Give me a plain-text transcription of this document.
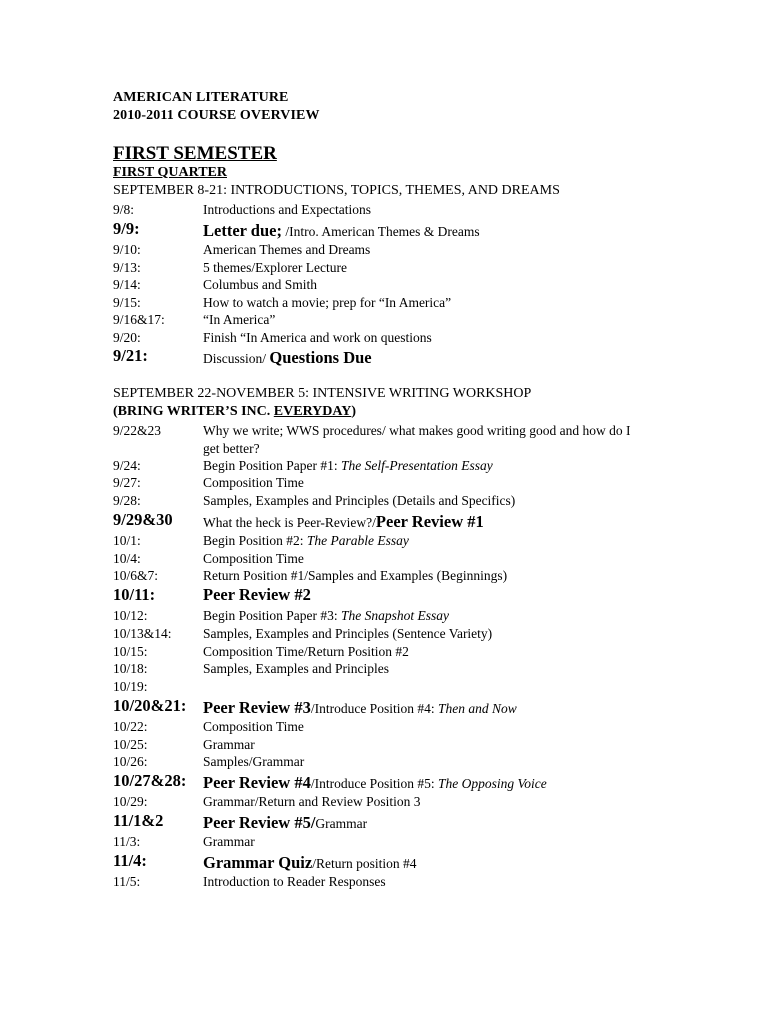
AMERICAN LITERATURE
2010-2011 COURSE OVERVIEW
FIRST SEMESTER
FIRST QUARTER
SEPTEMBER 8-21: INTRODUCTIONS, TOPICS, THEMES, AND DREAMS
9/8:	Introductions and Expectations
9/9:	Letter due; /Intro. American Themes & Dreams
9/10:	American Themes and Dreams
9/13:	5 themes/Explorer Lecture
9/14:	Columbus and Smith
9/15:	How to watch a movie; prep for “In America”
9/16&17:	“In America”
9/20:	Finish “In America and work on questions
9/21:	Discussion/ Questions Due
SEPTEMBER 22-NOVEMBER 5: INTENSIVE WRITING WORKSHOP
(BRING WRITER’S INC. EVERYDAY)
9/22&23	Why we write; WWS procedures/ what makes good writing good and how do I get better?
9/24:	Begin Position Paper #1: The Self-Presentation Essay
9/27:	Composition Time
9/28:	Samples, Examples and Principles (Details and Specifics)
9/29&30 What the heck is Peer-Review?/Peer Review #1
10/1:	Begin Position #2: The Parable Essay
10/4:	Composition Time
10/6&7:	Return Position #1/Samples and Examples (Beginnings)
10/11:	Peer Review #2
10/12:	Begin Position Paper #3: The Snapshot Essay
10/13&14: Samples, Examples and Principles (Sentence Variety)
10/15:	Composition Time/Return Position #2
10/18:	Samples, Examples and Principles
10/19:
10/20&21: Peer Review #3/Introduce Position #4: Then and Now
10/22:	Composition Time
10/25:	Grammar
10/26:	Samples/Grammar
10/27&28: Peer Review #4/Introduce Position #5: The Opposing Voice
10/29:	Grammar/Return and Review Position 3
11/1&2 Peer Review #5/Grammar
11/3:	Grammar
11/4:	Grammar Quiz/Return position #4
11/5:	Introduction to Reader Responses
